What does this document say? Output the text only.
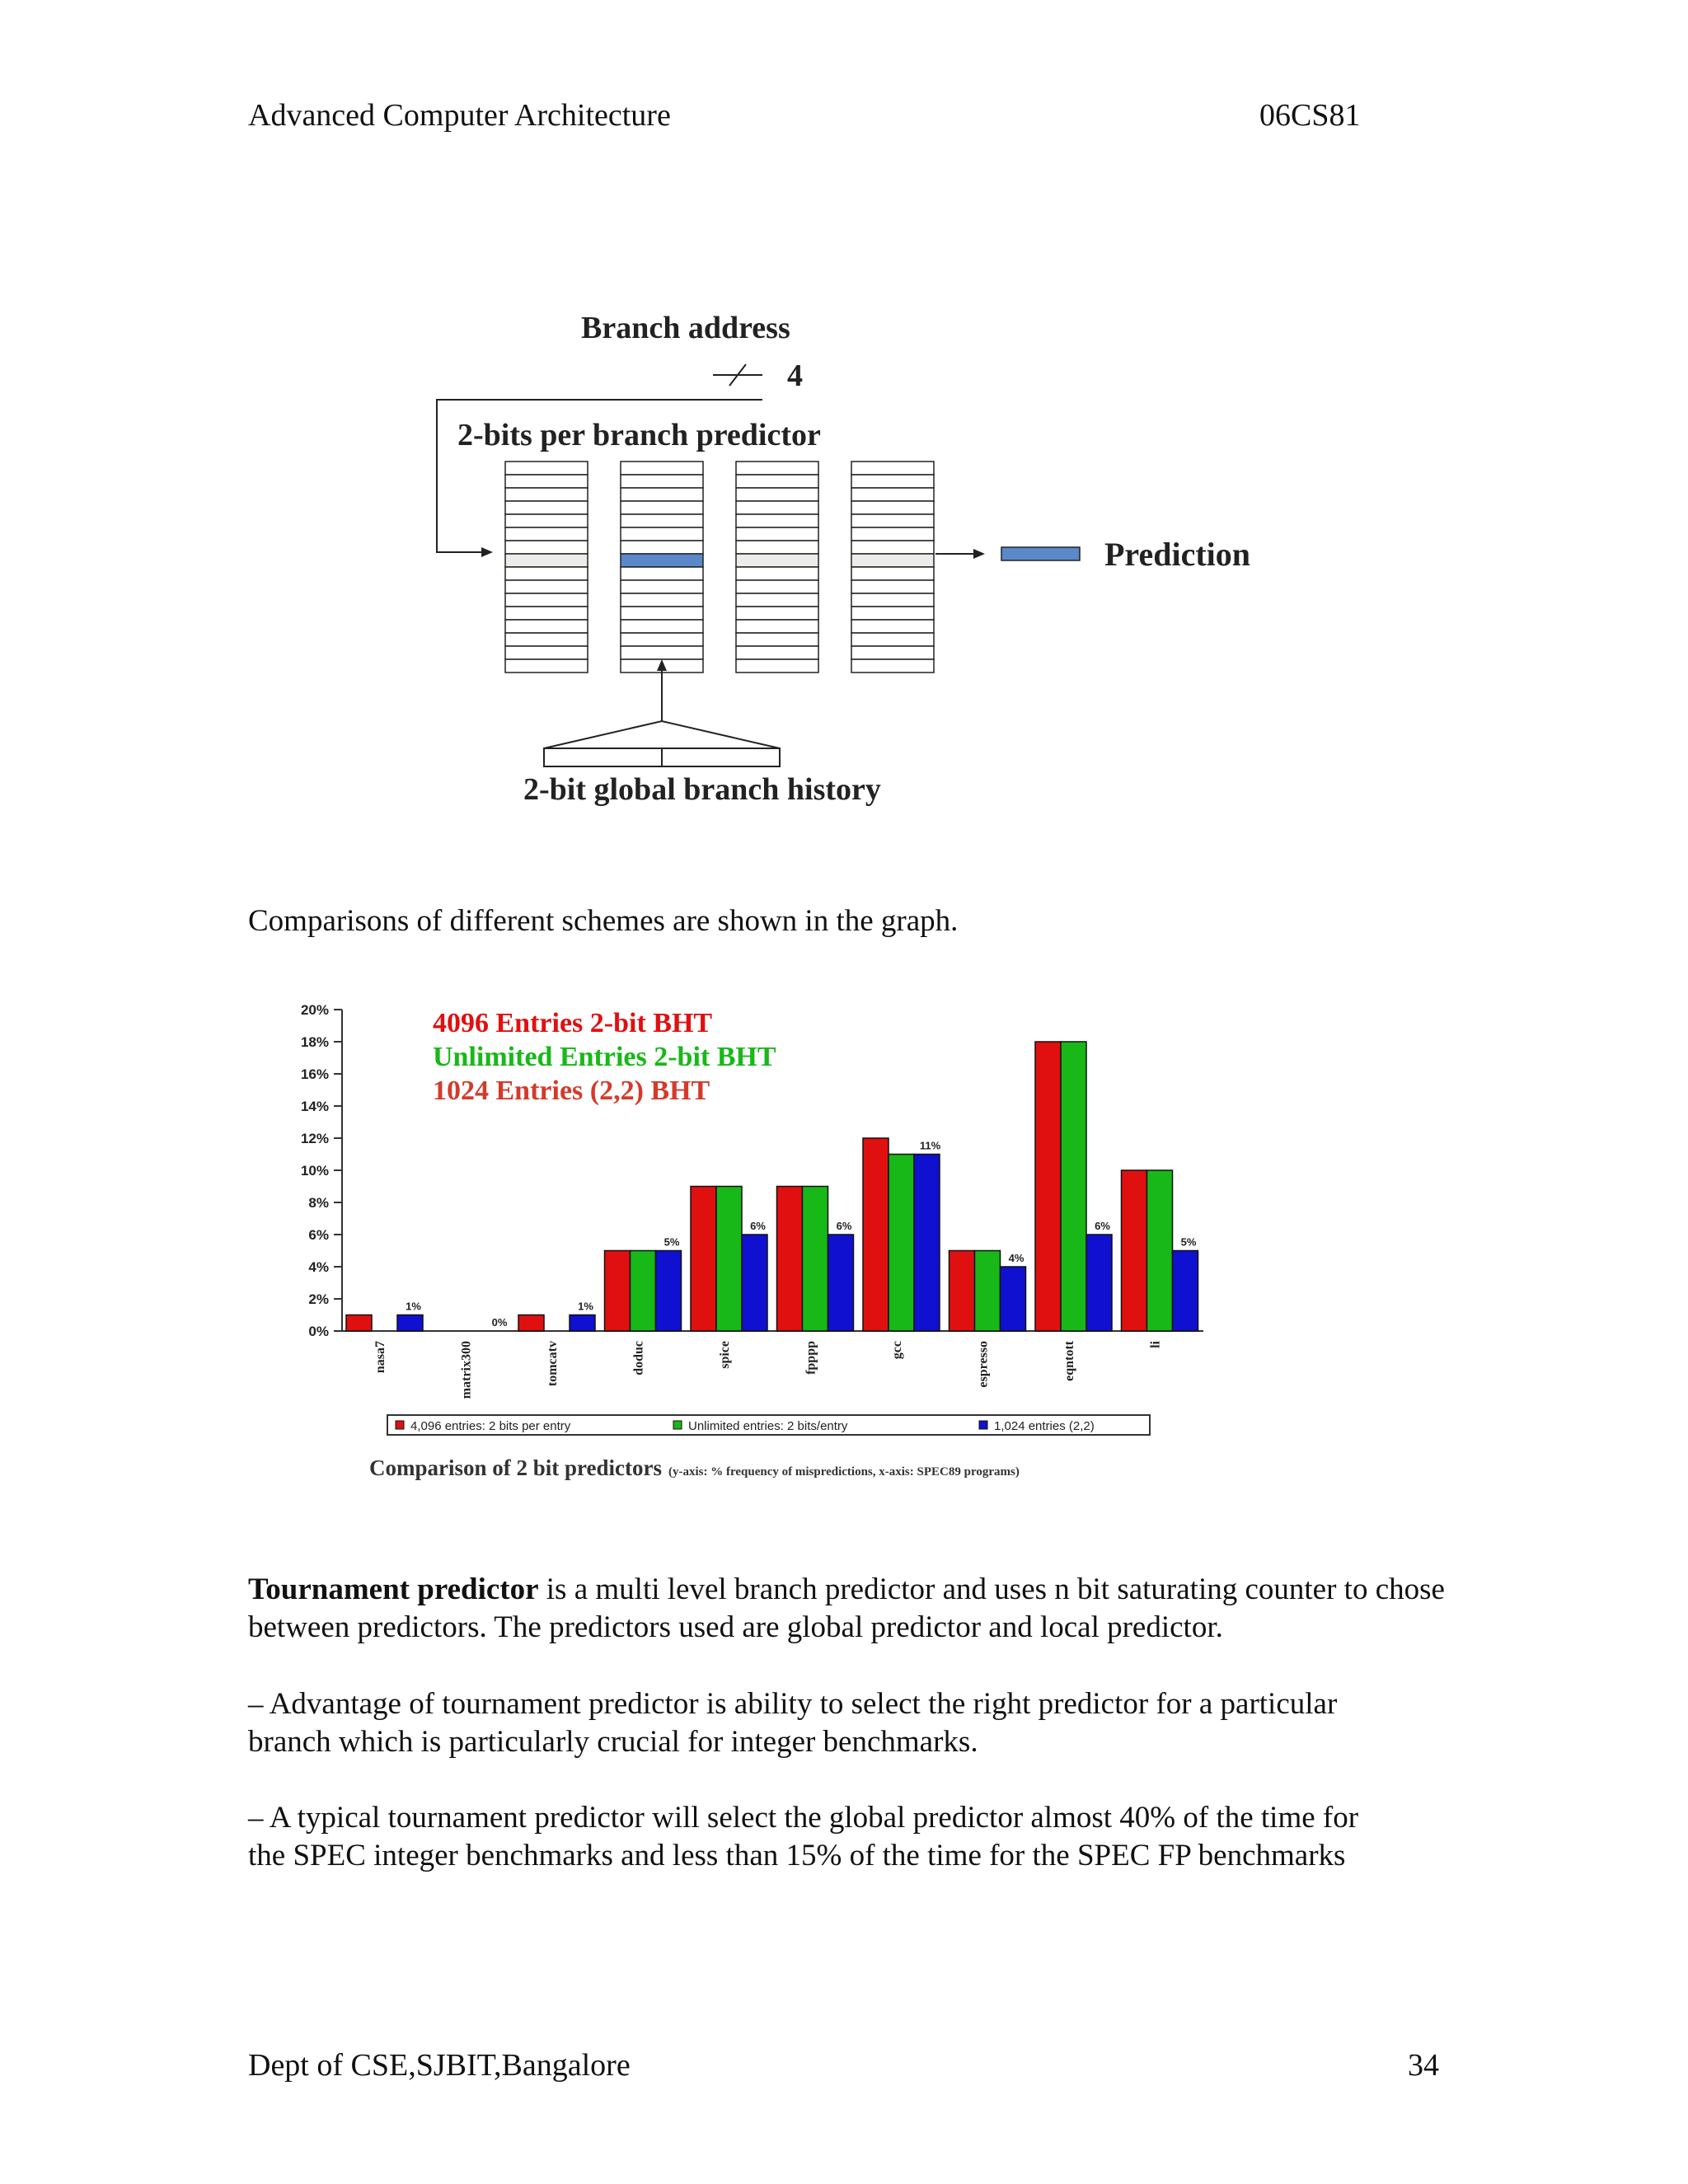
Advanced Computer Architecture	06CS81
Branch address
4
2-bits per branch predictor
Prediction
2-bit global branch history

Comparisons of different schemes are shown in the graph.

0%
2%
4%
6%
8%
10%
12%
14%
16%
18%
20%
1%
0%
1%
5%
6%	6%
11%
4%
6%
5%
nasa7	matrix300	tomcatv	doduc	spice	fpppp	gcc	espresso	eqntott	li
4096 Entries 2-bit BHT
Unlimited Entries 2-bit BHT
1024 Entries (2,2) BHT
4,096 entries: 2 bits per entry	Unlimited entries: 2 bits/entry	1,024 entries (2,2)
Comparison of 2 bit predictors (y-axis: % frequency of mispredictions, x-axis: SPEC89 programs)

Tournament predictor is a multi level branch predictor and uses n bit saturating counter to chose between predictors. The predictors used are global predictor and local predictor.

– Advantage of tournament predictor is ability to select the right predictor for a particular branch which is particularly crucial for integer benchmarks.

– A typical tournament predictor will select the global predictor almost 40% of the time for the SPEC integer benchmarks and less than 15% of the time for the SPEC FP benchmarks

Dept of CSE,SJBIT,Bangalore	34
